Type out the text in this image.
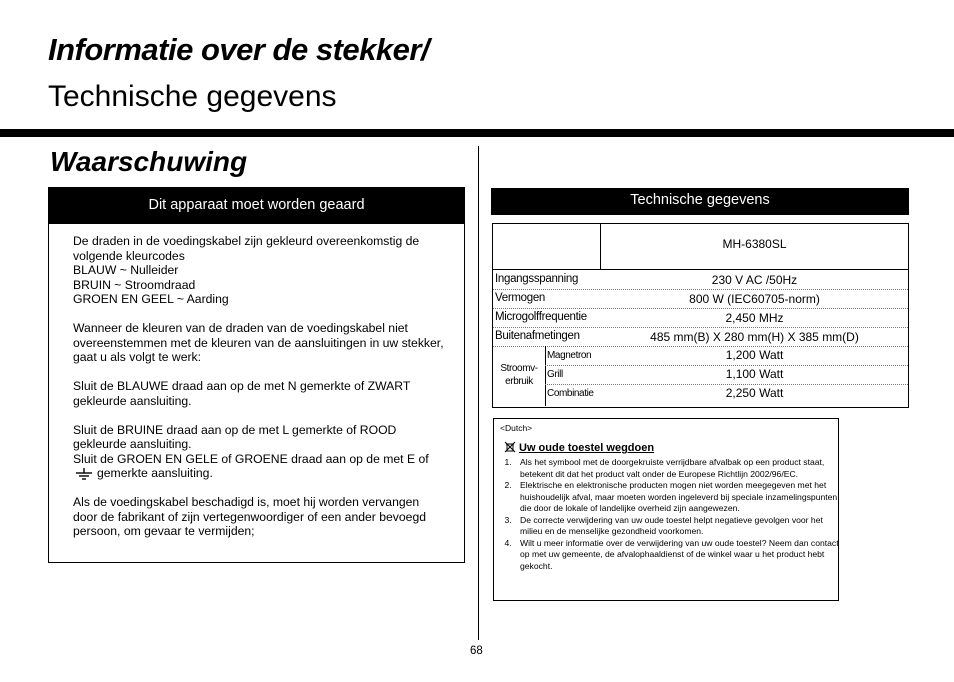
Informatie over de stekker/
Technische gegevens
Waarschuwing
Dit apparaat moet worden geaard

De draden in de voedingskabel zijn gekleurd overeenkomstig de

volgende kleurcodes

BLAUW ~ Nulleider

BRUIN ~ Stroomdraad

GROEN EN GEEL ~ Aarding

Wanneer de kleuren van de draden van de voedingskabel niet

overeenstemmen met de kleuren van de aansluitingen in uw stekker,

gaat u als volgt te werk:

Sluit de BLAUWE draad aan op de met N gemerkte of ZWART

gekleurde aansluiting.

Sluit de BRUINE draad aan op de met L gemerkte of ROOD

gekleurde aansluiting.

Sluit de GROEN EN GELE of GROENE draad aan op de met E of

gemerkte aansluiting.

Als de voedingskabel beschadigd is, moet hij worden vervangen

door de fabrikant of zijn vertegenwoordiger of een ander bevoegd

persoon, om gevaar te vermijden;

Technische gegevens
MH-6380SL
Ingangsspanning	230 V AC /50Hz
Vermogen	800 W (IEC60705-norm)
Microgolffrequentie	2,450 MHz
Buitenafmetingen	485 mm(B) X 280 mm(H) X 385 mm(D)
Stroomv-
erbruik
Magnetron	1,200 Watt
Grill	1,100 Watt
Combinatie	2,250 Watt
<Dutch>
Uw oude toestel wegdoen
1. Als het symbool met de doorgekruiste verrijdbare afvalbak op een product staat, betekent dit dat het product valt onder de Europese Richtlijn 2002/96/EC.
2. Elektrische en elektronische producten mogen niet worden meegegeven met het huishoudelijk afval, maar moeten worden ingeleverd bij speciale inzamelingspunten die door de lokale of landelijke overheid zijn aangewezen.
3. De correcte verwijdering van uw oude toestel helpt negatieve gevolgen voor het milieu en de menselijke gezondheid voorkomen.
4. Wilt u meer informatie over de verwijdering van uw oude toestel? Neem dan contact op met uw gemeente, de afvalophaaldienst of de winkel waar u het product hebt gekocht.
68
